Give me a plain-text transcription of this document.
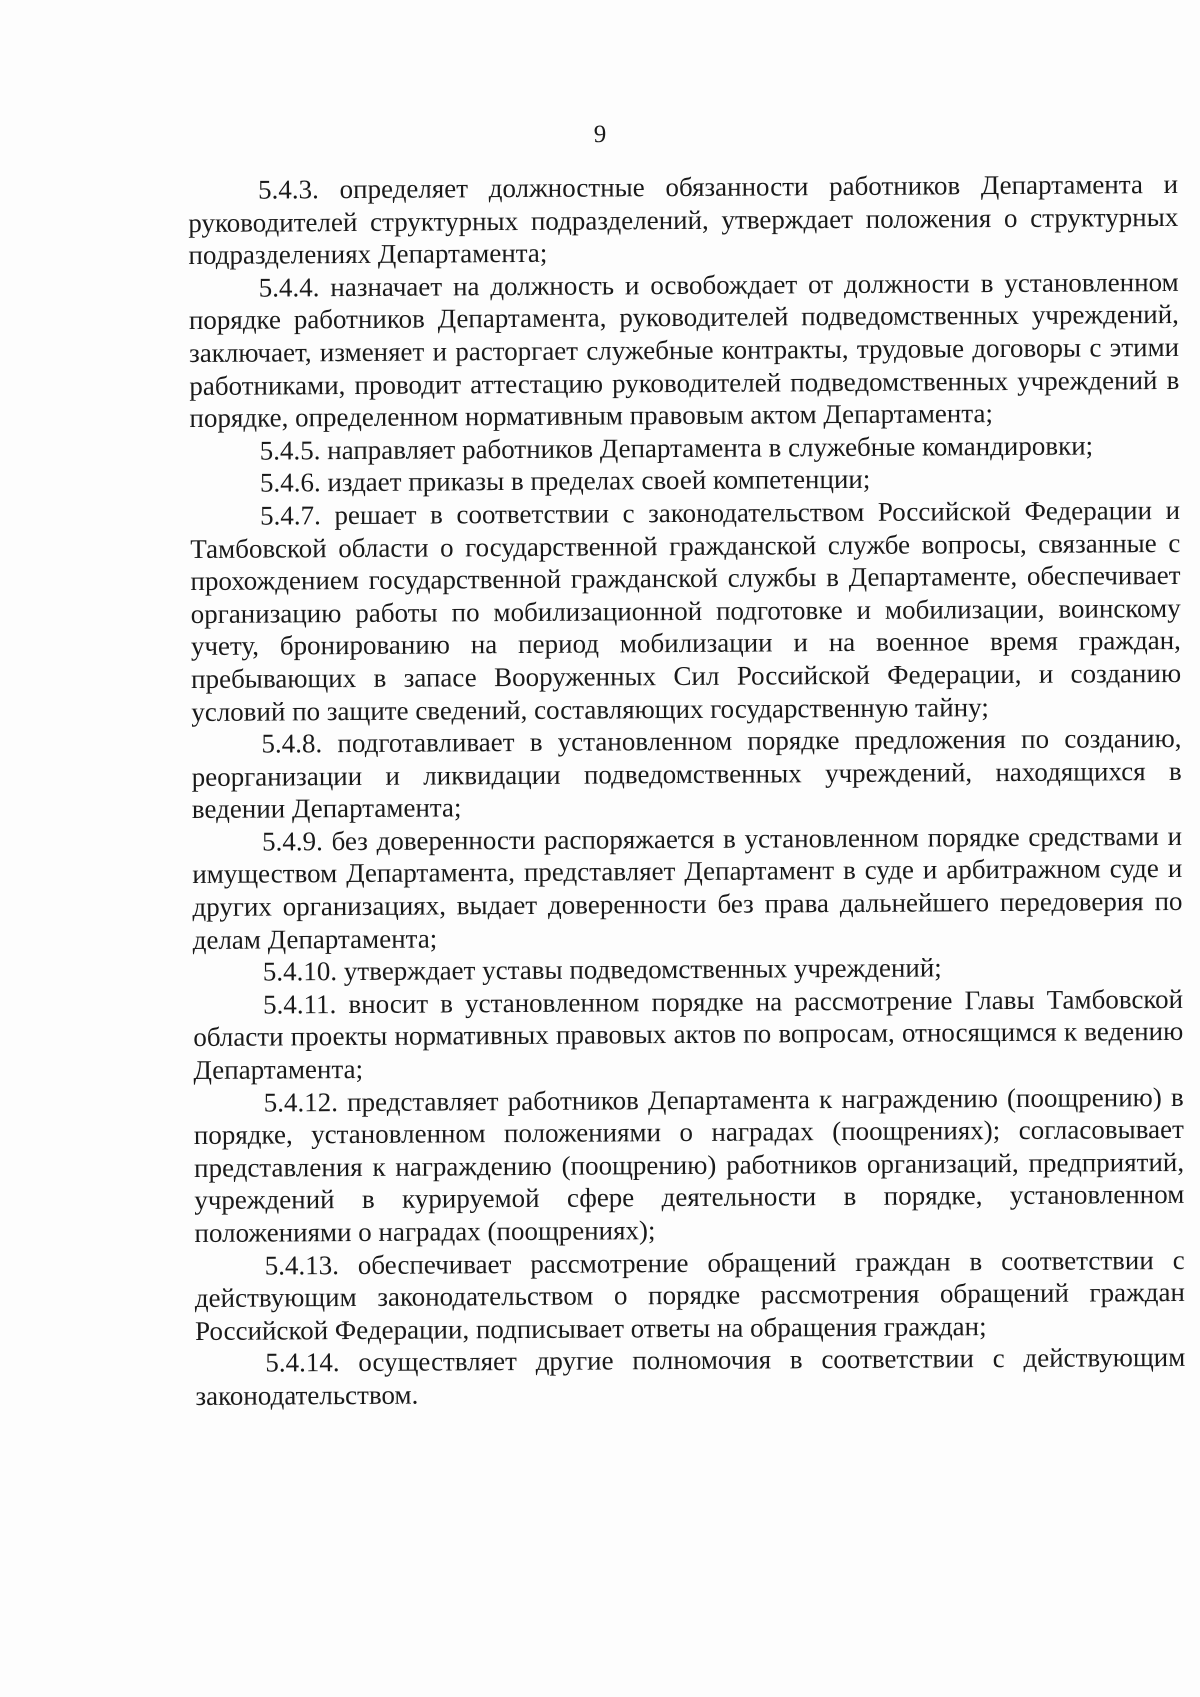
9

5.4.3. определяет должностные обязанности работников Департамента и руководителей структурных подразделений, утверждает положения о структурных подразделениях Департамента;

5.4.4. назначает на должность и освобождает от должности в установленном порядке работников Департамента, руководителей подведомственных учреждений, заключает, изменяет и расторгает служебные контракты, трудовые договоры с этими работниками, проводит аттестацию руководителей подведомственных учреждений в порядке, определенном нормативным правовым актом Департамента;

5.4.5. направляет работников Департамента в служебные командировки;

5.4.6. издает приказы в пределах своей компетенции;

5.4.7. решает в соответствии с законодательством Российской Федерации и Тамбовской области о государственной гражданской службе вопросы, связанные с прохождением государственной гражданской службы в Департаменте, обеспечивает организацию работы по мобилизационной подготовке и мобилизации, воинскому учету, бронированию на период мобилизации и на военное время граждан, пребывающих в запасе Вооруженных Сил Российской Федерации, и созданию условий по защите сведений, составляющих государственную тайну;

5.4.8. подготавливает в установленном порядке предложения по созданию, реорганизации и ликвидации подведомственных учреждений, находящихся в ведении Департамента;

5.4.9. без доверенности распоряжается в установленном порядке средствами и имуществом Департамента, представляет Департамент в суде и арбитражном суде и других организациях, выдает доверенности без права дальнейшего передоверия по делам Департамента;

5.4.10. утверждает уставы подведомственных учреждений;

5.4.11. вносит в установленном порядке на рассмотрение Главы Тамбовской области проекты нормативных правовых актов по вопросам, относящимся к ведению Департамента;

5.4.12. представляет работников Департамента к награждению (поощрению) в порядке, установленном положениями о наградах (поощрениях); согласовывает представления к награждению (поощрению) работников организаций, предприятий, учреждений в курируемой сфере деятельности в порядке, установленном положениями о наградах (поощрениях);

5.4.13. обеспечивает рассмотрение обращений граждан в соответствии с действующим законодательством о порядке рассмотрения обращений граждан Российской Федерации, подписывает ответы на обращения граждан;

5.4.14. осуществляет другие полномочия в соответствии с действующим законодательством.
